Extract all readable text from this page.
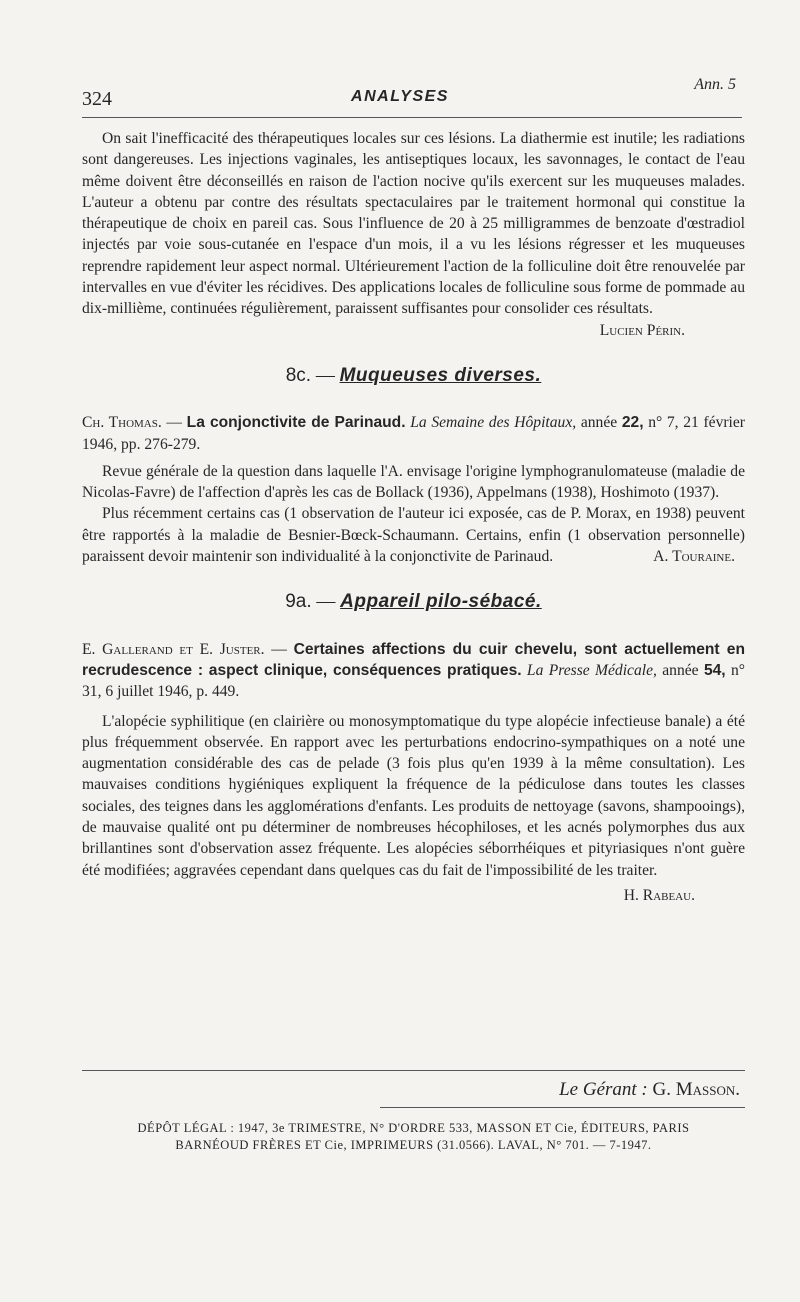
Ann. 5
324	ANALYSES

On sait l'inefficacité des thérapeutiques locales sur ces lésions. La diathermie est inutile; les radiations sont dangereuses. Les injections vaginales, les antiseptiques locaux, les savonnages, le contact de l'eau même doivent être déconseillés en raison de l'action nocive qu'ils exercent sur les muqueuses malades. L'auteur a obtenu par contre des résultats spectaculaires par le traitement hormonal qui constitue la thérapeutique de choix en pareil cas. Sous l'influence de 20 à 25 milligrammes de benzoate d'œstradiol injectés par voie sous-cutanée en l'espace d'un mois, il a vu les lésions régresser et les muqueuses reprendre rapidement leur aspect normal. Ultérieurement l'action de la folliculine doit être renouvelée par intervalles en vue d'éviter les récidives. Des applications locales de folliculine sous forme de pommade au dix-millième, continuées régulièrement, paraissent suffisantes pour consolider ces résultats.

Lucien Périn.
8c. — Muqueuses diverses.

Ch. Thomas. — La conjonctivite de Parinaud. La Semaine des Hôpitaux, année 22, n° 7, 21 février 1946, pp. 276-279.

Revue générale de la question dans laquelle l'A. envisage l'origine lymphogranulomateuse (maladie de Nicolas-Favre) de l'affection d'après les cas de Bollack (1936), Appelmans (1938), Hoshimoto (1937).

Plus récemment certains cas (1 observation de l'auteur ici exposée, cas de P. Morax, en 1938) peuvent être rapportés à la maladie de Besnier-Bœck-Schaumann. Certains, enfin (1 observation personnelle) paraissent devoir maintenir son individualité à la conjonctivite de Parinaud.	A. Touraine.

9a. — Appareil pilo-sébacé.

E. Gallerand et E. Juster. — Certaines affections du cuir chevelu, sont actuellement en recrudescence : aspect clinique, conséquences pratiques. La Presse Médicale, année 54, n° 31, 6 juillet 1946, p. 449.

L'alopécie syphilitique (en clairière ou monosymptomatique du type alopécie infectieuse banale) a été plus fréquemment observée. En rapport avec les perturbations endocrino-sympathiques on a noté une augmentation considérable des cas de pelade (3 fois plus qu'en 1939 à la même consultation). Les mauvaises conditions hygiéniques expliquent la fréquence de la pédiculose dans toutes les classes sociales, des teignes dans les agglomérations d'enfants. Les produits de nettoyage (savons, shampooings), de mauvaise qualité ont pu déterminer de nombreuses hécophiloses, et les acnés polymorphes dus aux brillantines sont d'observation assez fréquente. Les alopécies séborrhéiques et pityriasiques n'ont guère été modifiées; aggravées cependant dans quelques cas du fait de l'impossibilité de les traiter.

H. Rabeau.
Le Gérant : G. Masson.
DÉPÔT LÉGAL : 1947, 3e TRIMESTRE, N° D'ORDRE 533, MASSON ET Cie, ÉDITEURS, PARIS
BARNÉOUD FRÈRES ET Cie, IMPRIMEURS (31.0566). LAVAL, N° 701. — 7-1947.
